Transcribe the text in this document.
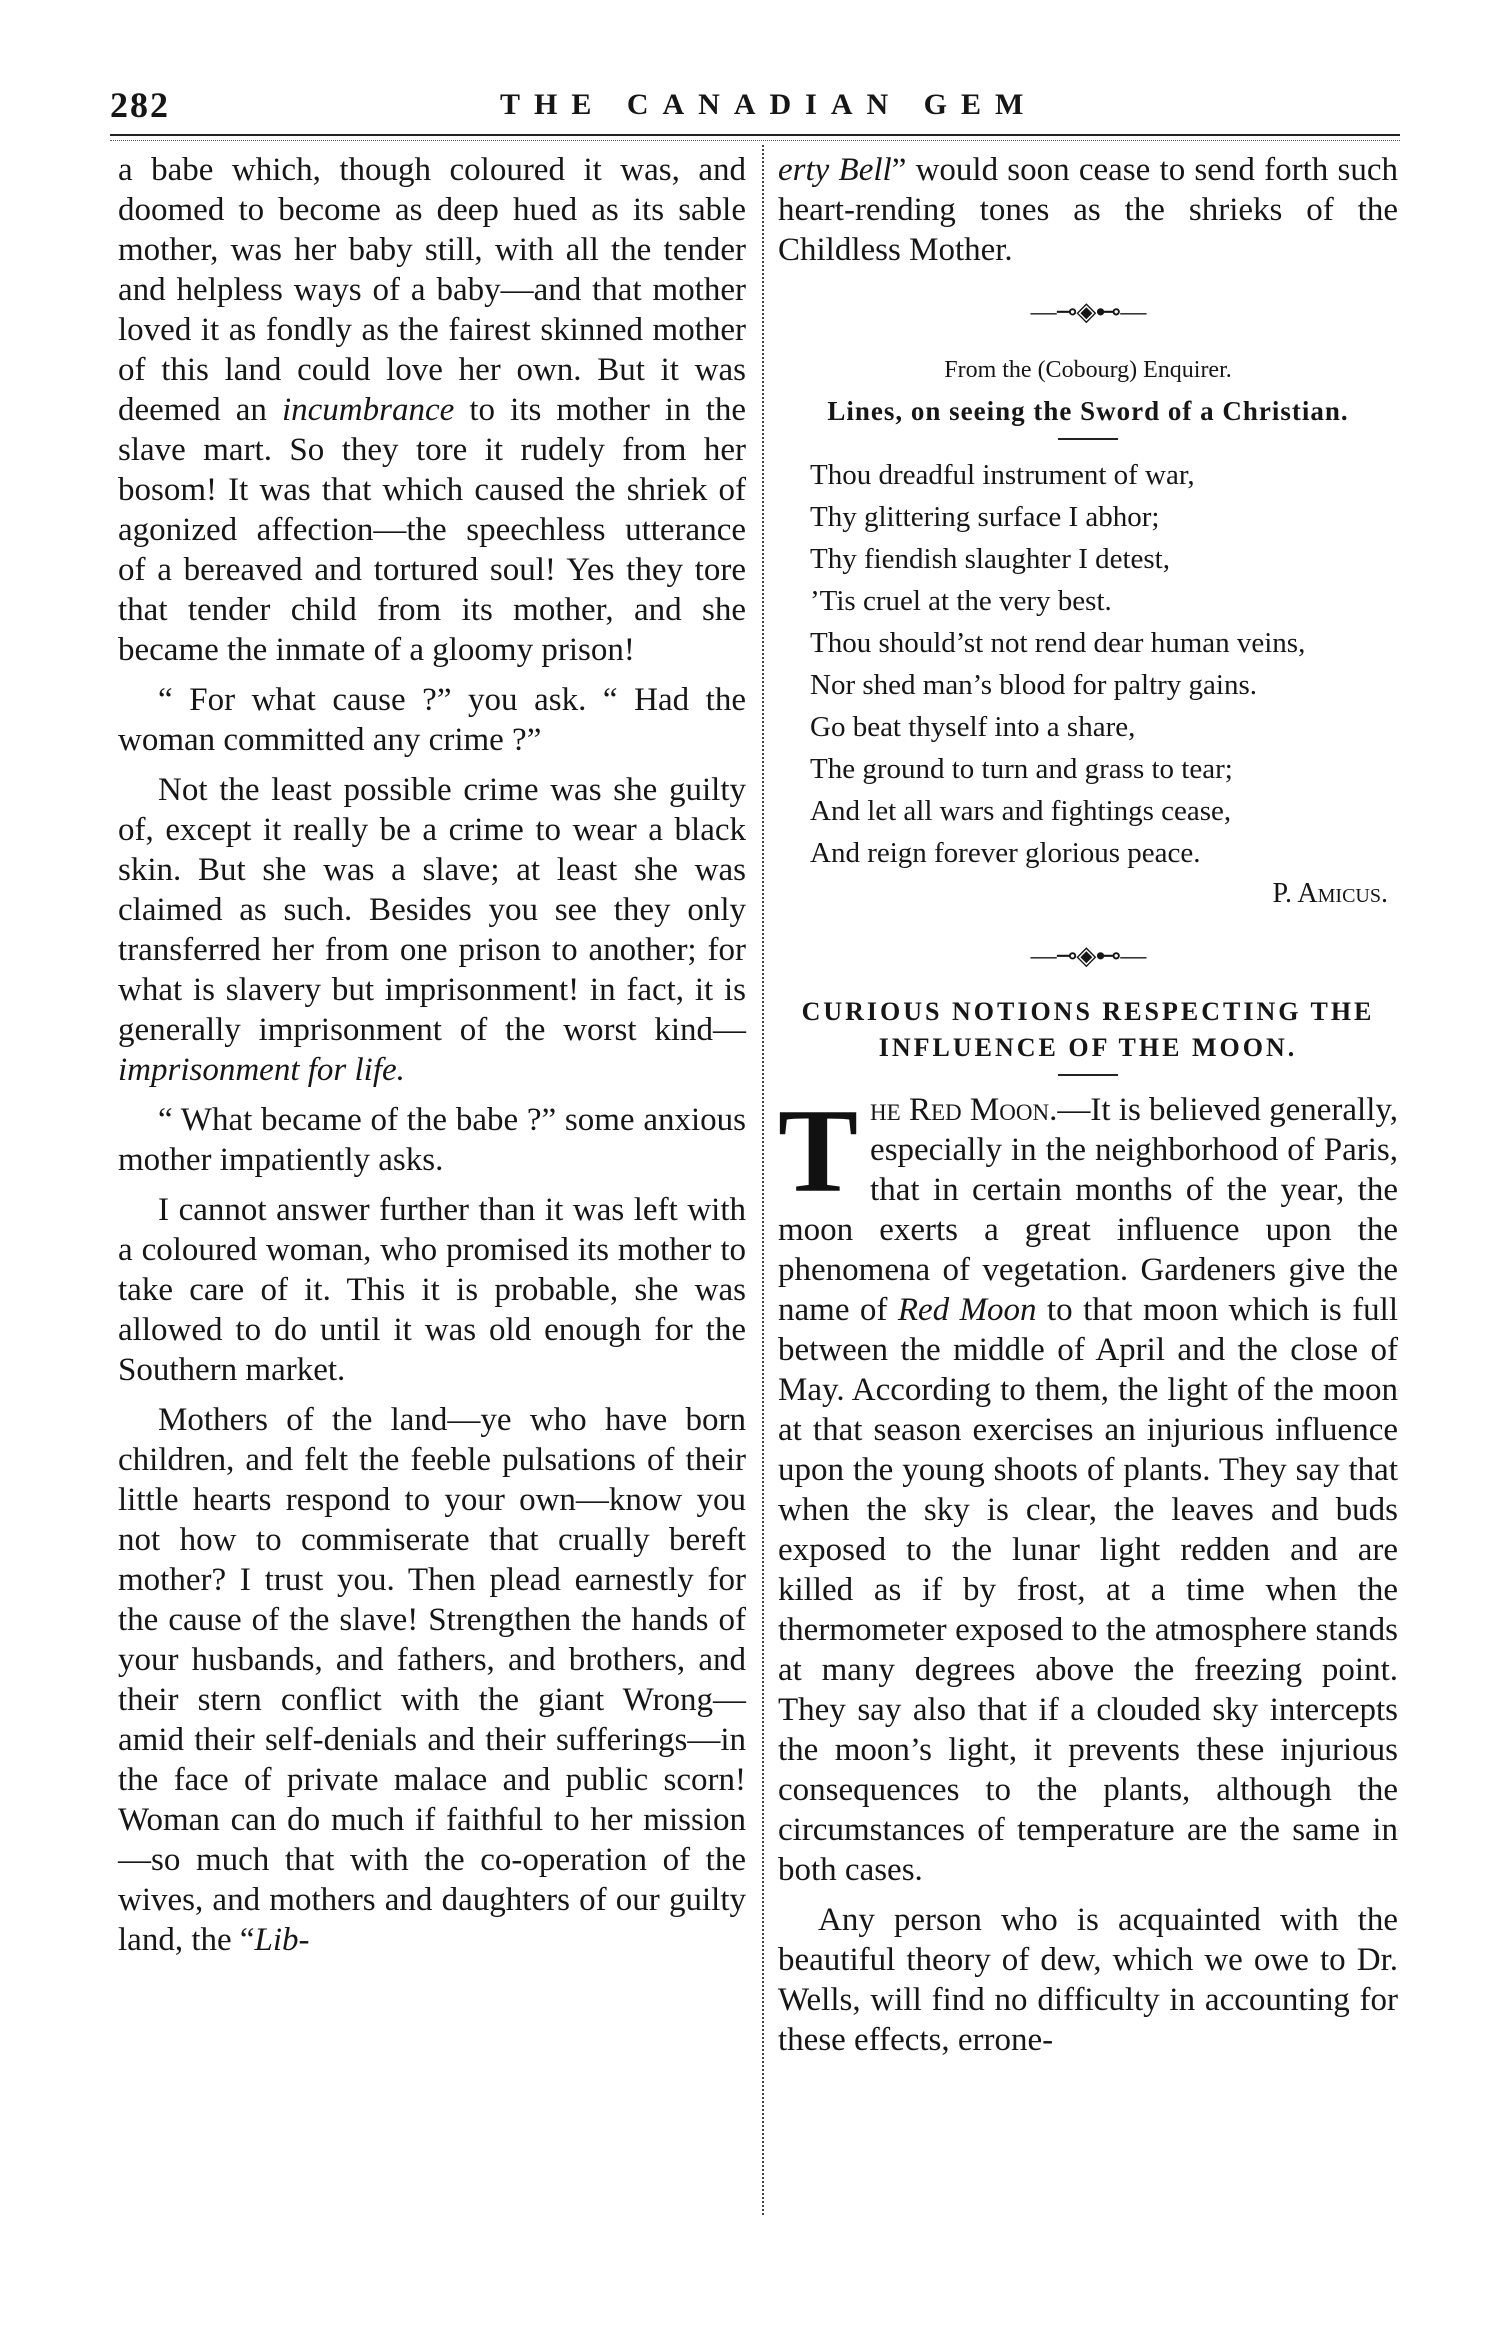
282	THE CANADIAN GEM

a babe which, though coloured it was, and doomed to become as deep hued as its sable mother, was her baby still, with all the tender and helpless ways of a baby—and that mother loved it as fondly as the fairest skinned mother of this land could love her own. But it was deemed an incumbrance to its mother in the slave mart. So they tore it rudely from her bosom! It was that which caused the shriek of agonized affection—the speechless utterance of a bereaved and tortured soul! Yes they tore that tender child from its mother, and she became the inmate of a gloomy prison!

“ For what cause ?” you ask. “ Had the woman committed any crime ?”

Not the least possible crime was she guilty of, except it really be a crime to wear a black skin. But she was a slave; at least she was claimed as such. Besides you see they only transferred her from one prison to another; for what is slavery but imprisonment! in fact, it is generally imprisonment of the worst kind—imprisonment for life.

“ What became of the babe ?” some anxious mother impatiently asks.

I cannot answer further than it was left with a coloured woman, who promised its mother to take care of it. This it is probable, she was allowed to do until it was old enough for the Southern market.

Mothers of the land—ye who have born children, and felt the feeble pulsations of their little hearts respond to your own—know you not how to commiserate that crually bereft mother? I trust you. Then plead earnestly for the cause of the slave! Strengthen the hands of your husbands, and fathers, and brothers, and their stern conflict with the giant Wrong—amid their self-denials and their sufferings—in the face of private malace and public scorn! Woman can do much if faithful to her mission—so much that with the co-operation of the wives, and mothers and daughters of our guilty land, the “Lib-

erty Bell” would soon cease to send forth such heart-rending tones as the shrieks of the Childless Mother.

—⊸◈⊷—
From the (Cobourg) Enquirer.
Lines, on seeing the Sword of a Christian.
Thou dreadful instrument of war,
Thy glittering surface I abhor;
Thy fiendish slaughter I detest,
’Tis cruel at the very best.
Thou should’st not rend dear human veins,
Nor shed man’s blood for paltry gains.
Go beat thyself into a share,
The ground to turn and grass to tear;
And let all wars and fightings cease,
And reign forever glorious peace.
P. Amicus.
—⊸◈⊷—
CURIOUS NOTIONS RESPECTING THE INFLUENCE OF THE MOON.

The Red Moon.—It is believed generally, especially in the neighborhood of Paris, that in certain months of the year, the moon exerts a great influence upon the phenomena of vegetation. Gardeners give the name of Red Moon to that moon which is full between the middle of April and the close of May. According to them, the light of the moon at that season exercises an injurious influence upon the young shoots of plants. They say that when the sky is clear, the leaves and buds exposed to the lunar light redden and are killed as if by frost, at a time when the thermometer exposed to the atmosphere stands at many degrees above the freezing point. They say also that if a clouded sky intercepts the moon’s light, it prevents these injurious consequences to the plants, although the circumstances of temperature are the same in both cases.

Any person who is acquainted with the beautiful theory of dew, which we owe to Dr. Wells, will find no difficulty in accounting for these effects, errone-
